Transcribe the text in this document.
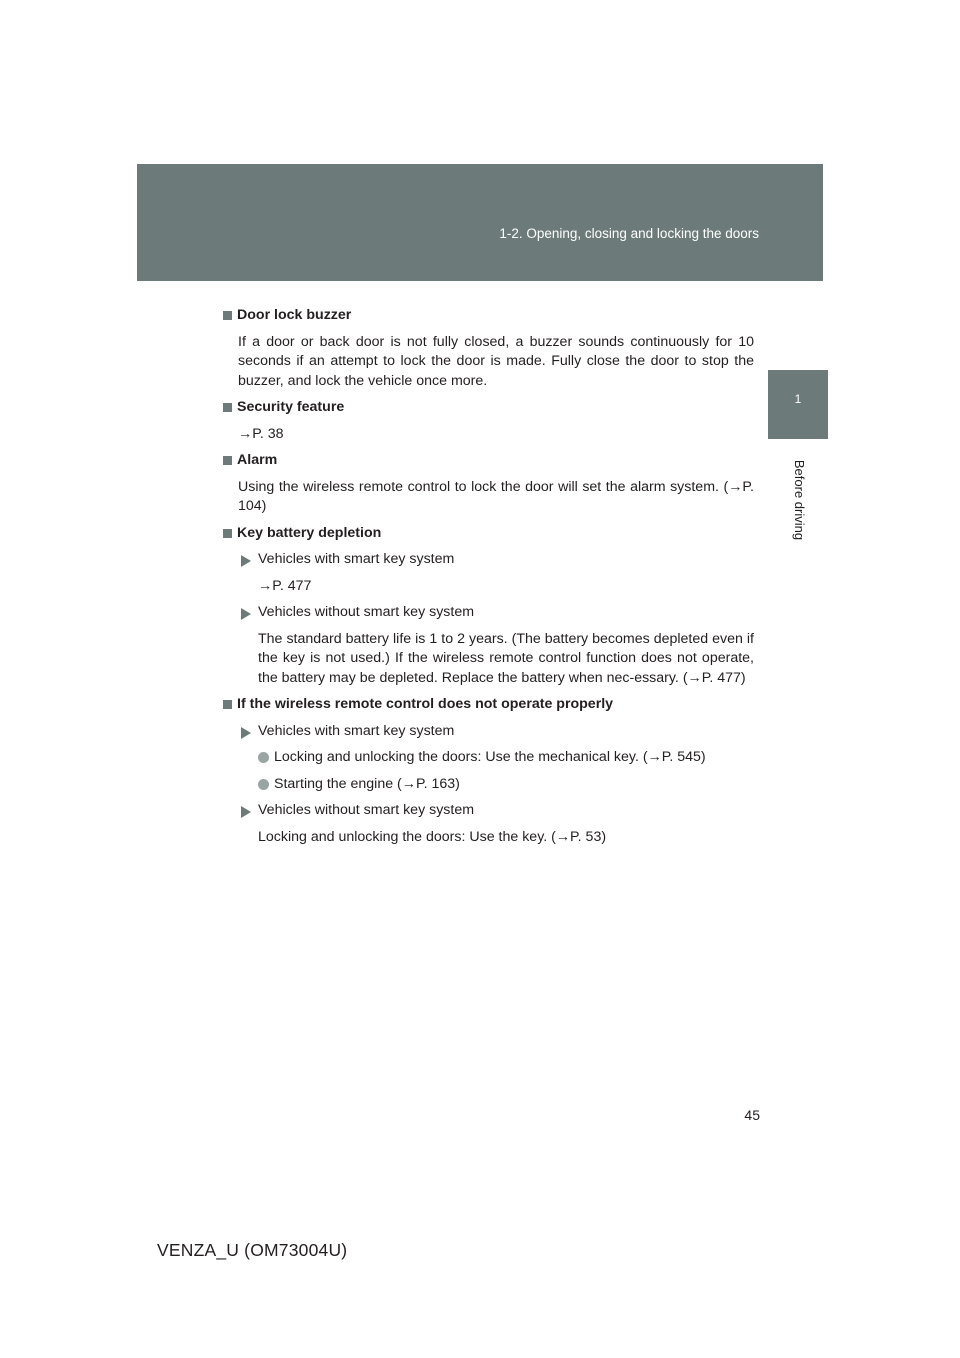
1-2. Opening, closing and locking the doors
1
Before driving
Door lock buzzer
If a door or back door is not fully closed, a buzzer sounds continuously for 10 seconds if an attempt to lock the door is made. Fully close the door to stop the buzzer, and lock the vehicle once more.
Security feature
→P. 38
Alarm
Using the wireless remote control to lock the door will set the alarm system. (→P. 104)
Key battery depletion
Vehicles with smart key system
→P. 477
Vehicles without smart key system
The standard battery life is 1 to 2 years. (The battery becomes depleted even if the key is not used.) If the wireless remote control function does not operate, the battery may be depleted. Replace the battery when nec-essary. (→P. 477)
If the wireless remote control does not operate properly
Vehicles with smart key system
Locking and unlocking the doors: Use the mechanical key. (→P. 545)
Starting the engine (→P. 163)
Vehicles without smart key system
Locking and unlocking the doors: Use the key. (→P. 53)
45
VENZA_U (OM73004U)
